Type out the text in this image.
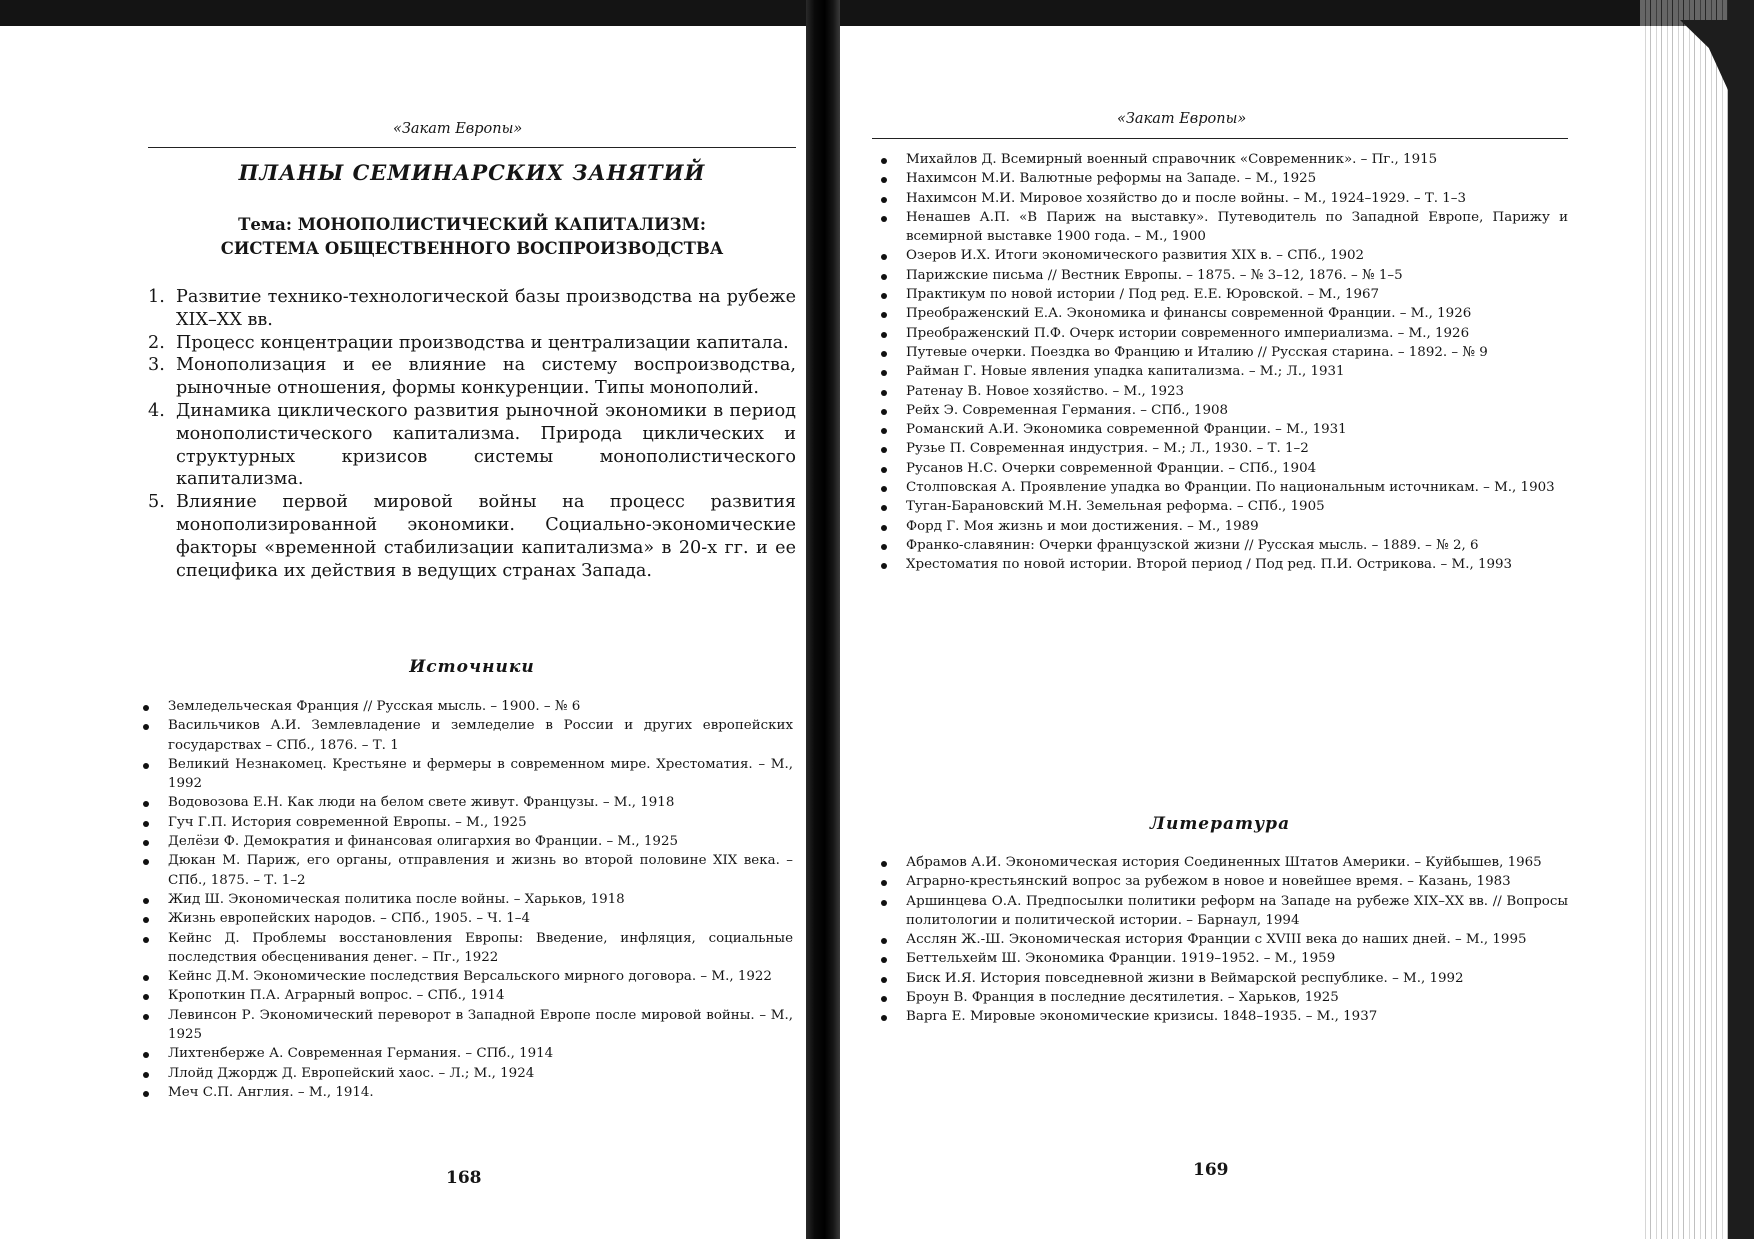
«Закат Европы»
ПЛАНЫ СЕМИНАРСКИХ ЗАНЯТИЙ
Тема: МОНОПОЛИСТИЧЕСКИЙ КАПИТАЛИЗМ:
СИСТЕМА ОБЩЕСТВЕННОГО ВОСПРОИЗВОДСТВА
1. Развитие технико-технологической базы производства на рубеже XIX–XX вв.
2. Процесс концентрации производства и централизации капитала.
3. Монополизация и ее влияние на систему воспроизводства, рыночные отношения, формы конкуренции. Типы монополий.
4. Динамика циклического развития рыночной экономики в период монополистического капитализма. Природа циклических и структурных кризисов системы монополистического капитализма.
5. Влияние первой мировой войны на процесс развития монополизированной экономики. Социально-экономические факторы «временной стабилизации капитализма» в 20-х гг. и ее специфика их действия в ведущих странах Запада.
Источники
Земледельческая Франция // Русская мысль. – 1900. – № 6
Васильчиков А.И. Землевладение и земледелие в России и других европейских государствах – СПб., 1876. – Т. 1
Великий Незнакомец. Крестьяне и фермеры в современном мире. Хрестоматия. – М., 1992
Водовозова Е.Н. Как люди на белом свете живут. Французы. – М., 1918
Гуч Г.П. История современной Европы. – М., 1925
Делёзи Ф. Демократия и финансовая олигархия во Франции. – М., 1925
Дюкан М. Париж, его органы, отправления и жизнь во второй половине XIX века. – СПб., 1875. – Т. 1–2
Жид Ш. Экономическая политика после войны. – Харьков, 1918
Жизнь европейских народов. – СПб., 1905. – Ч. 1–4
Кейнс Д. Проблемы восстановления Европы: Введение, инфляция, социальные последствия обесценивания денег. – Пг., 1922
Кейнс Д.М. Экономические последствия Версальского мирного договора. – М., 1922
Кропоткин П.А. Аграрный вопрос. – СПб., 1914
Левинсон Р. Экономический переворот в Западной Европе после мировой войны. – М., 1925
Лихтенберже А. Современная Германия. – СПб., 1914
Ллойд Джордж Д. Европейский хаос. – Л.; М., 1924
Меч С.П. Англия. – М., 1914.
168
«Закат Европы»
Михайлов Д. Всемирный военный справочник «Современник». – Пг., 1915
Нахимсон М.И. Валютные реформы на Западе. – М., 1925
Нахимсон М.И. Мировое хозяйство до и после войны. – М., 1924–1929. – Т. 1–3
Ненашев А.П. «В Париж на выставку». Путеводитель по Западной Европе, Парижу и всемирной выставке 1900 года. – М., 1900
Озеров И.Х. Итоги экономического развития XIX в. – СПб., 1902
Парижские письма // Вестник Европы. – 1875. – № 3–12, 1876. – № 1–5
Практикум по новой истории / Под ред. Е.Е. Юровской. – М., 1967
Преображенский Е.А. Экономика и финансы современной Франции. – М., 1926
Преображенский П.Ф. Очерк истории современного империализма. – М., 1926
Путевые очерки. Поездка во Францию и Италию // Русская старина. – 1892. – № 9
Райман Г. Новые явления упадка капитализма. – М.; Л., 1931
Ратенау В. Новое хозяйство. – М., 1923
Рейх Э. Современная Германия. – СПб., 1908
Романский А.И. Экономика современной Франции. – М., 1931
Рузье П. Современная индустрия. – М.; Л., 1930. – Т. 1–2
Русанов Н.С. Очерки современной Франции. – СПб., 1904
Столповская А. Проявление упадка во Франции. По национальным источникам. – М., 1903
Туган-Барановский М.Н. Земельная реформа. – СПб., 1905
Форд Г. Моя жизнь и мои достижения. – М., 1989
Франко-славянин: Очерки французской жизни // Русская мысль. – 1889. – № 2, 6
Хрестоматия по новой истории. Второй период / Под ред. П.И. Острикова. – М., 1993
Литература
Абрамов А.И. Экономическая история Соединенных Штатов Америки. – Куйбышев, 1965
Аграрно-крестьянский вопрос за рубежом в новое и новейшее время. – Казань, 1983
Аршинцева О.А. Предпосылки политики реформ на Западе на рубеже XIX–XX вв. // Вопросы политологии и политической истории. – Барнаул, 1994
Асслян Ж.-Ш. Экономическая история Франции с XVIII века до наших дней. – М., 1995
Беттельхейм Ш. Экономика Франции. 1919–1952. – М., 1959
Биск И.Я. История повседневной жизни в Веймарской республике. – М., 1992
Броун В. Франция в последние десятилетия. – Харьков, 1925
Варга Е. Мировые экономические кризисы. 1848–1935. – М., 1937
169
